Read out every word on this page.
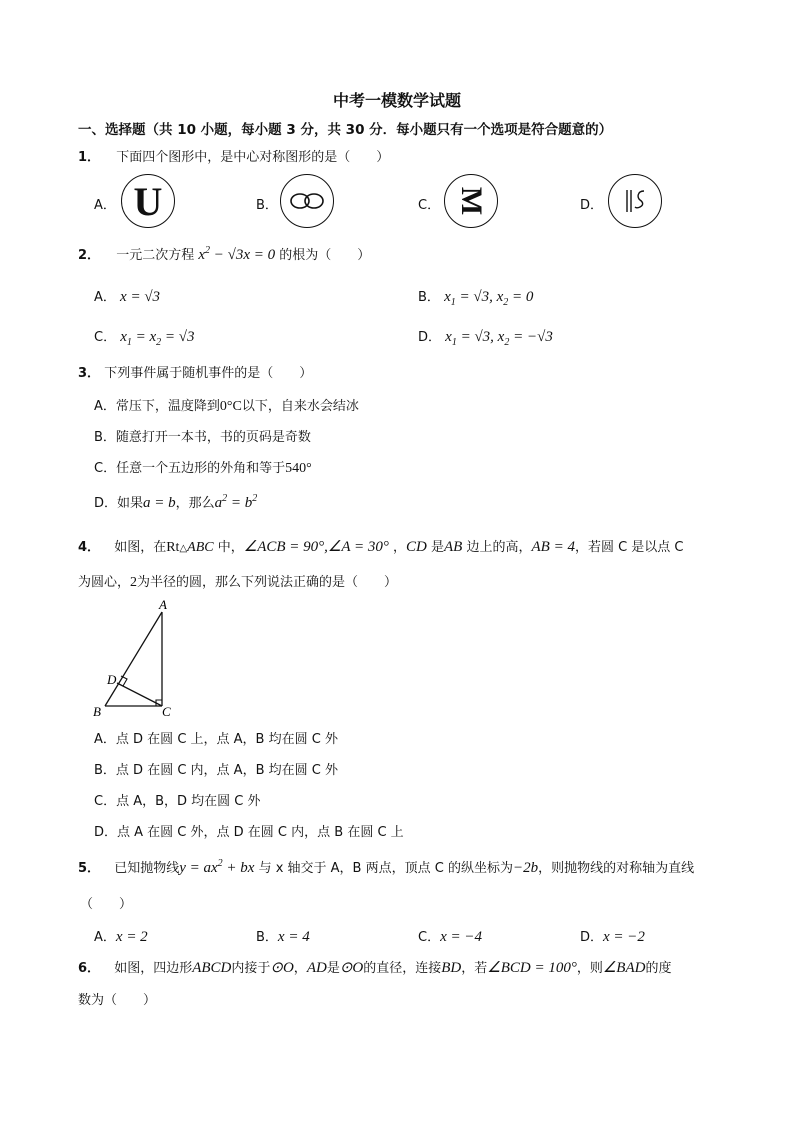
中考一模数学试题
一、选择题（共 10 小题，每小题 3 分，共 30 分．每小题只有一个选项是符合题意的）
1． 下面四个图形中，是中心对称图形的是（　　）
A． U	B．	C． M	D．
2． 一元二次方程 $x^2 - √3x = 0$ 的根为（　　）
A． x = √3	B． $x_1 = √3$, $x_2 = 0$
C． $x_1 = x_2 = √3$	D． $x_1 = √3$, $x_2 = -√3$
3． 下列事件属于随机事件的是（　　）
A．常压下，温度降到0°C以下，自来水会结冰
B．随意打开一本书，书的页码是奇数
C．任意一个五边形的外角和等于540°
D．如果a = b，那么$a^2 = b^2$
4． 如图，在Rt△ABC 中，∠ACB = 90°,∠A = 30° ，CD 是AB 边上的高，AB = 4，若圆 C 是以点 C
为圆心，2为半径的圆，那么下列说法正确的是（　　）
A
B	C
D
A．点 D 在圆 C 上，点 A，B 均在圆 C 外
B．点 D 在圆 C 内，点 A，B 均在圆 C 外
C．点 A，B，D 均在圆 C 外
D．点 A 在圆 C 外，点 D 在圆 C 内，点 B 在圆 C 上
5． 已知抛物线$y = ax^2$ + bx 与 x 轴交于 A，B 两点，顶点 C 的纵坐标为−2b，则抛物线的对称轴为直线
（　　）
A．x = 2	B．x = 4	C．x = −4	D．x = −2
6． 如图，四边形ABCD内接于⊙O，AD是⊙O的直径，连接BD，若∠BCD = 100°，则∠BAD的度
数为（　　）
